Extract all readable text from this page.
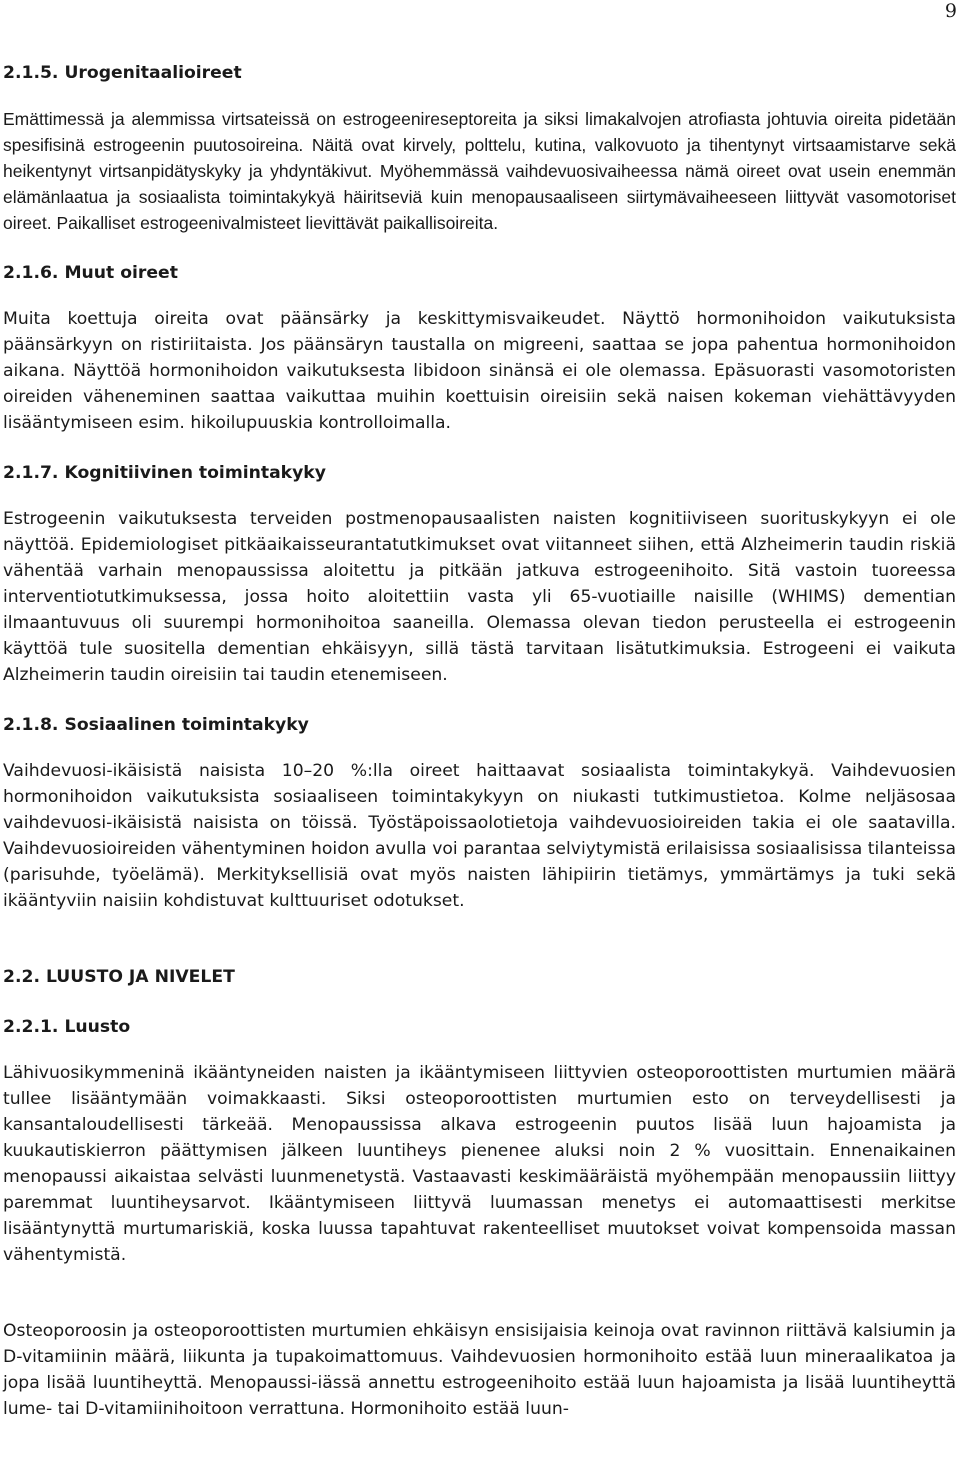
9
2.1.5. Urogenitaalioireet

Emättimessä ja alemmissa virtsateissä on estrogeenireseptoreita ja siksi limakalvojen atrofiasta johtuvia oireita pidetään spesifisinä estrogeenin puutosoireina. Näitä ovat kirvely, polttelu, kutina, valkovuoto ja tihentynyt virtsaamistarve sekä heikentynyt virtsanpidätyskyky ja yhdyntäkivut. Myöhemmässä vaihdevuosivaiheessa nämä oireet ovat usein enemmän elämänlaatua ja sosiaalista toimintakykyä häiritseviä kuin menopausaaliseen siirtymävaiheeseen liittyvät vasomotoriset oireet. Paikalliset estrogeenivalmisteet lievittävät paikallisoireita.

2.1.6. Muut oireet

Muita koettuja oireita ovat päänsärky ja keskittymisvaikeudet. Näyttö hormonihoidon vaikutuksista päänsärkyyn on ristiriitaista. Jos päänsäryn taustalla on migreeni, saattaa se jopa pahentua hormonihoidon aikana. Näyttöä hormonihoidon vaikutuksesta libidoon sinänsä ei ole olemassa. Epäsuorasti vasomotoristen oireiden väheneminen saattaa vaikuttaa muihin koettuisin oireisiin sekä naisen kokeman viehättävyyden lisääntymiseen esim. hikoilupuuskia kontrolloimalla.

2.1.7. Kognitiivinen toimintakyky

Estrogeenin vaikutuksesta terveiden postmenopausaalisten naisten kognitiiviseen suorituskykyyn ei ole näyttöä. Epidemiologiset pitkäaikaisseurantatutkimukset ovat viitanneet siihen, että Alzheimerin taudin riskiä vähentää varhain menopaussissa aloitettu ja pitkään jatkuva estrogeenihoito. Sitä vastoin tuoreessa interventiotutkimuksessa, jossa hoito aloitettiin vasta yli 65-vuotiaille naisille (WHIMS) dementian ilmaantuvuus oli suurempi hormonihoitoa saaneilla. Olemassa olevan tiedon perusteella ei estrogeenin käyttöä tule suositella dementian ehkäisyyn, sillä tästä tarvitaan lisätutkimuksia. Estrogeeni ei vaikuta Alzheimerin taudin oireisiin tai taudin etenemiseen.

2.1.8. Sosiaalinen toimintakyky

Vaihdevuosi-ikäisistä naisista 10–20 %:lla oireet haittaavat sosiaalista toimintakykyä. Vaihdevuosien hormonihoidon vaikutuksista sosiaaliseen toimintakykyyn on niukasti tutkimustietoa. Kolme neljäsosaa vaihdevuosi-ikäisistä naisista on töissä. Työstäpoissaolotietoja vaihdevuosioireiden takia ei ole saatavilla. Vaihdevuosioireiden vähentyminen hoidon avulla voi parantaa selviytymistä erilaisissa sosiaalisissa tilanteissa (parisuhde, työelämä). Merkityksellisiä ovat myös naisten lähipiirin tietämys, ymmärtämys ja tuki sekä ikääntyviin naisiin kohdistuvat kulttuuriset odotukset.

2.2. LUUSTO JA NIVELET
2.2.1. Luusto

Lähivuosikymmeninä ikääntyneiden naisten ja ikääntymiseen liittyvien osteoporoottisten murtumien määrä tullee lisääntymään voimakkaasti. Siksi osteoporoottisten murtumien esto on terveydellisesti ja kansantaloudellisesti tärkeää. Menopaussissa alkava estrogeenin puutos lisää luun hajoamista ja kuukautiskierron päättymisen jälkeen luuntiheys pienenee aluksi noin 2 % vuosittain. Ennenaikainen menopaussi aikaistaa selvästi luunmenetystä. Vastaavasti keskimääräistä myöhempään menopaussiin liittyy paremmat luuntiheysarvot. Ikääntymiseen liittyvä luumassan menetys ei automaattisesti merkitse lisääntynyttä murtumariskiä, koska luussa tapahtuvat rakenteelliset muutokset voivat kompensoida massan vähentymistä.

Osteoporoosin ja osteoporoottisten murtumien ehkäisyn ensisijaisia keinoja ovat ravinnon riittävä kalsiumin ja D-vitamiinin määrä, liikunta ja tupakoimattomuus. Vaihdevuosien hormonihoito estää luun mineraalikatoa ja jopa lisää luuntiheyttä. Menopaussi-iässä annettu estrogeenihoito estää luun hajoamista ja lisää luuntiheyttä lume- tai D-vitamiinihoitoon verrattuna. Hormonihoito estää luun-
